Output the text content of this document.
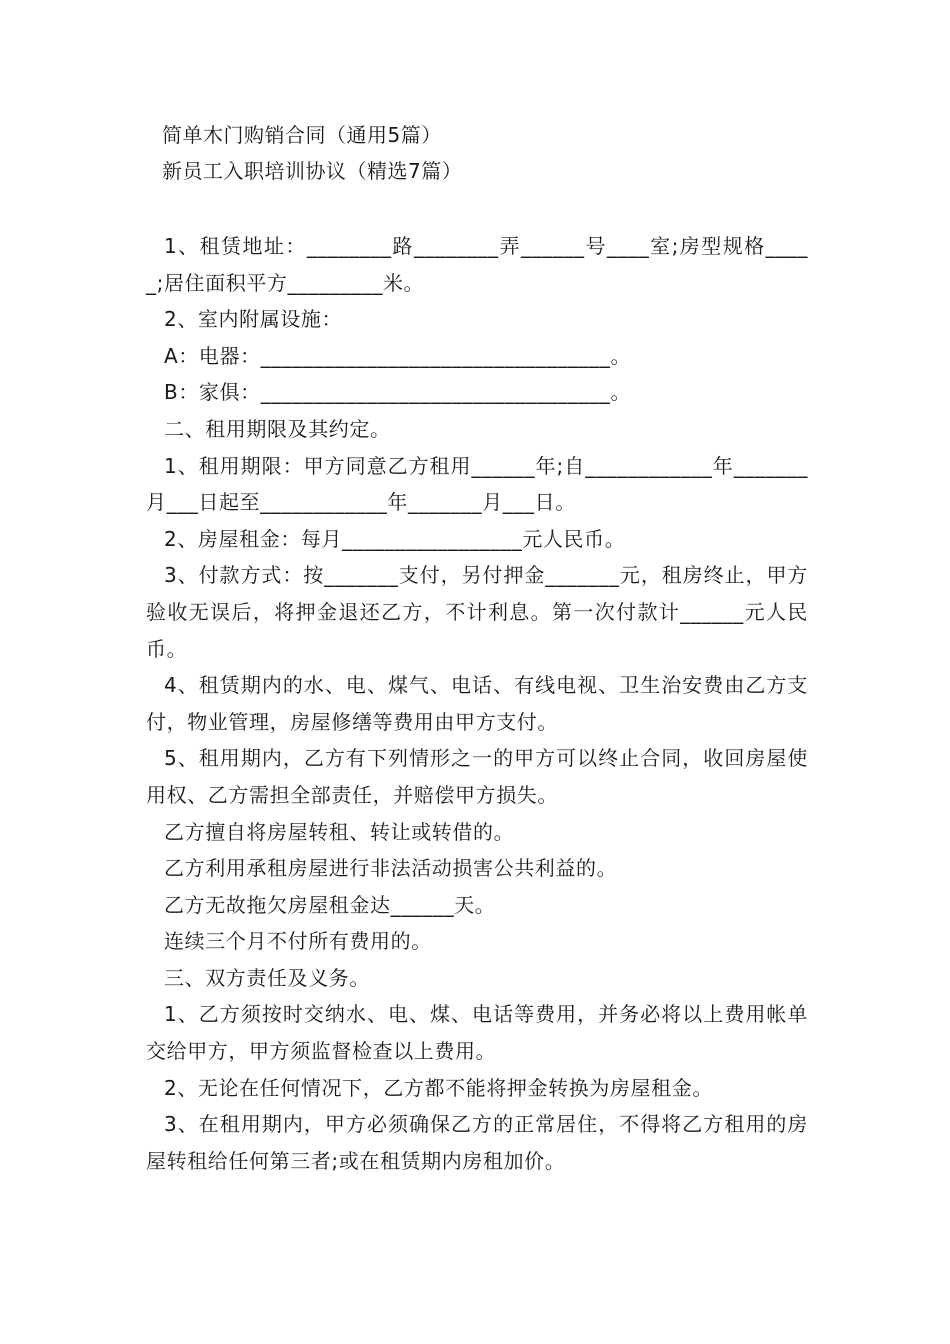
简单木门购销合同（通用5篇）
新员工入职培训协议（精选7篇）

1、租赁地址：________路________弄______号____室;房型规格_____;居住面积平方_________米。

2、室内附属设施：

A：电器：_________________________________。

B：家俱：_________________________________。

二、租用期限及其约定。

1、租用期限：甲方同意乙方租用______年;自____________年_______月___日起至____________年_______月___日。

2、房屋租金：每月_________________元人民币。

3、付款方式：按_______支付，另付押金_______元，租房终止，甲方验收无误后，将押金退还乙方，不计利息。第一次付款计______元人民币。

4、租赁期内的水、电、煤气、电话、有线电视、卫生治安费由乙方支付，物业管理，房屋修缮等费用由甲方支付。

5、租用期内，乙方有下列情形之一的甲方可以终止合同，收回房屋使用权、乙方需担全部责任，并赔偿甲方损失。

乙方擅自将房屋转租、转让或转借的。

乙方利用承租房屋进行非法活动损害公共利益的。

乙方无故拖欠房屋租金达______天。

连续三个月不付所有费用的。

三、双方责任及义务。

1、乙方须按时交纳水、电、煤、电话等费用，并务必将以上费用帐单交给甲方，甲方须监督检查以上费用。

2、无论在任何情况下，乙方都不能将押金转换为房屋租金。

3、在租用期内，甲方必须确保乙方的正常居住，不得将乙方租用的房屋转租给任何第三者;或在租赁期内房租加价。
